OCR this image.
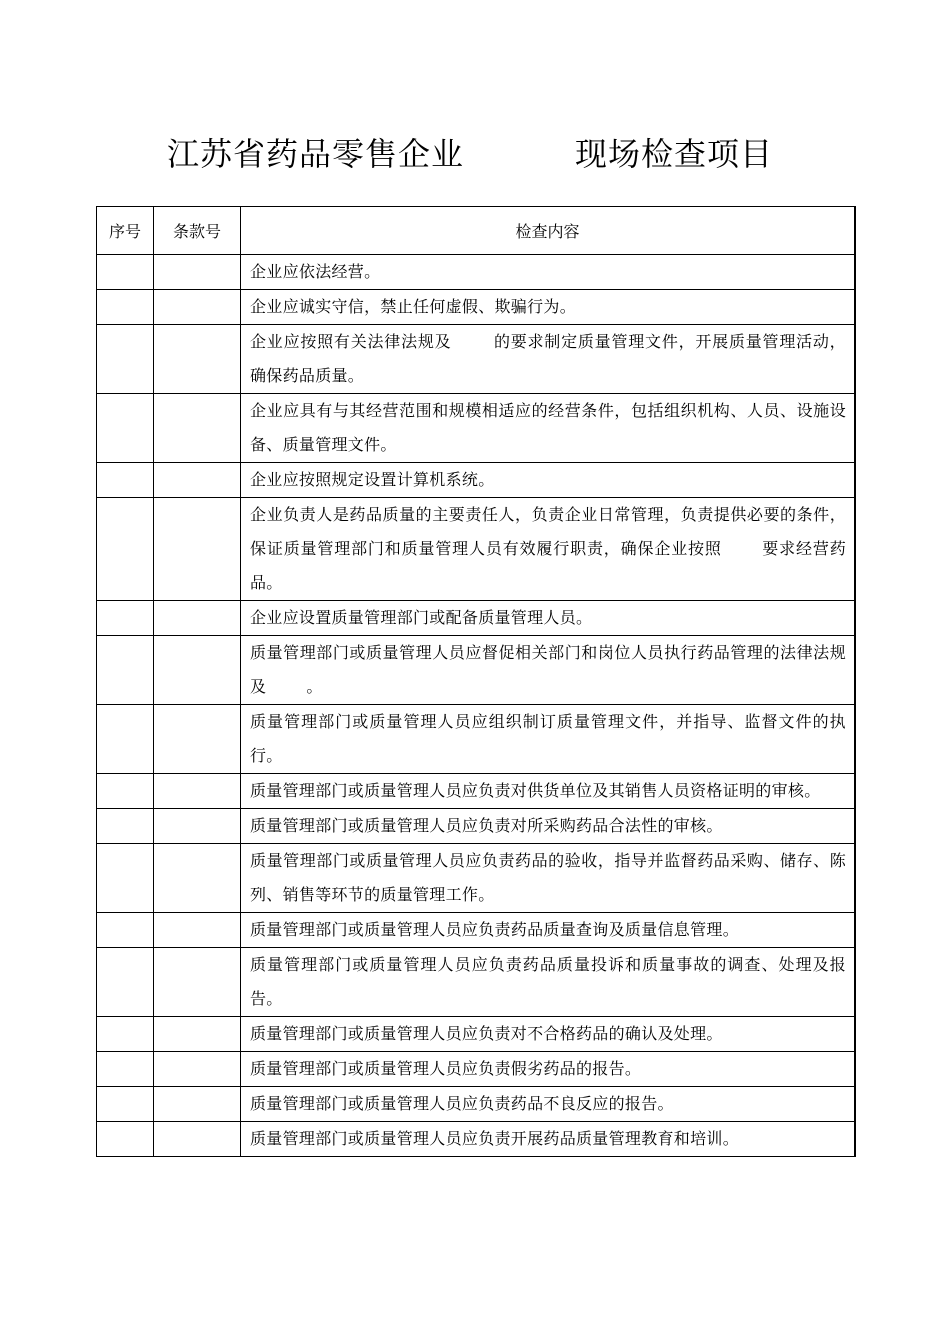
江苏省药品零售企业	现场检查项目
序号	条款号	检查内容
		企业应依法经营。
		企业应诚实守信，禁止任何虚假、欺骗行为。
		企业应按照有关法律法规及 的要求制定质量管理文件，开展质量管理活动，确保药品质量。
		企业应具有与其经营范围和规模相适应的经营条件，包括组织机构、人员、设施设备、质量管理文件。
		企业应按照规定设置计算机系统。
		企业负责人是药品质量的主要责任人，负责企业日常管理，负责提供必要的条件，保证质量管理部门和质量管理人员有效履行职责，确保企业按照 要求经营药品。
		企业应设置质量管理部门或配备质量管理人员。
		质量管理部门或质量管理人员应督促相关部门和岗位人员执行药品管理的法律法规及 。
		质量管理部门或质量管理人员应组织制订质量管理文件，并指导、监督文件的执行。
		质量管理部门或质量管理人员应负责对供货单位及其销售人员资格证明的审核。
		质量管理部门或质量管理人员应负责对所采购药品合法性的审核。
		质量管理部门或质量管理人员应负责药品的验收，指导并监督药品采购、储存、陈列、销售等环节的质量管理工作。
		质量管理部门或质量管理人员应负责药品质量查询及质量信息管理。
		质量管理部门或质量管理人员应负责药品质量投诉和质量事故的调查、处理及报告。
		质量管理部门或质量管理人员应负责对不合格药品的确认及处理。
		质量管理部门或质量管理人员应负责假劣药品的报告。
		质量管理部门或质量管理人员应负责药品不良反应的报告。
		质量管理部门或质量管理人员应负责开展药品质量管理教育和培训。
